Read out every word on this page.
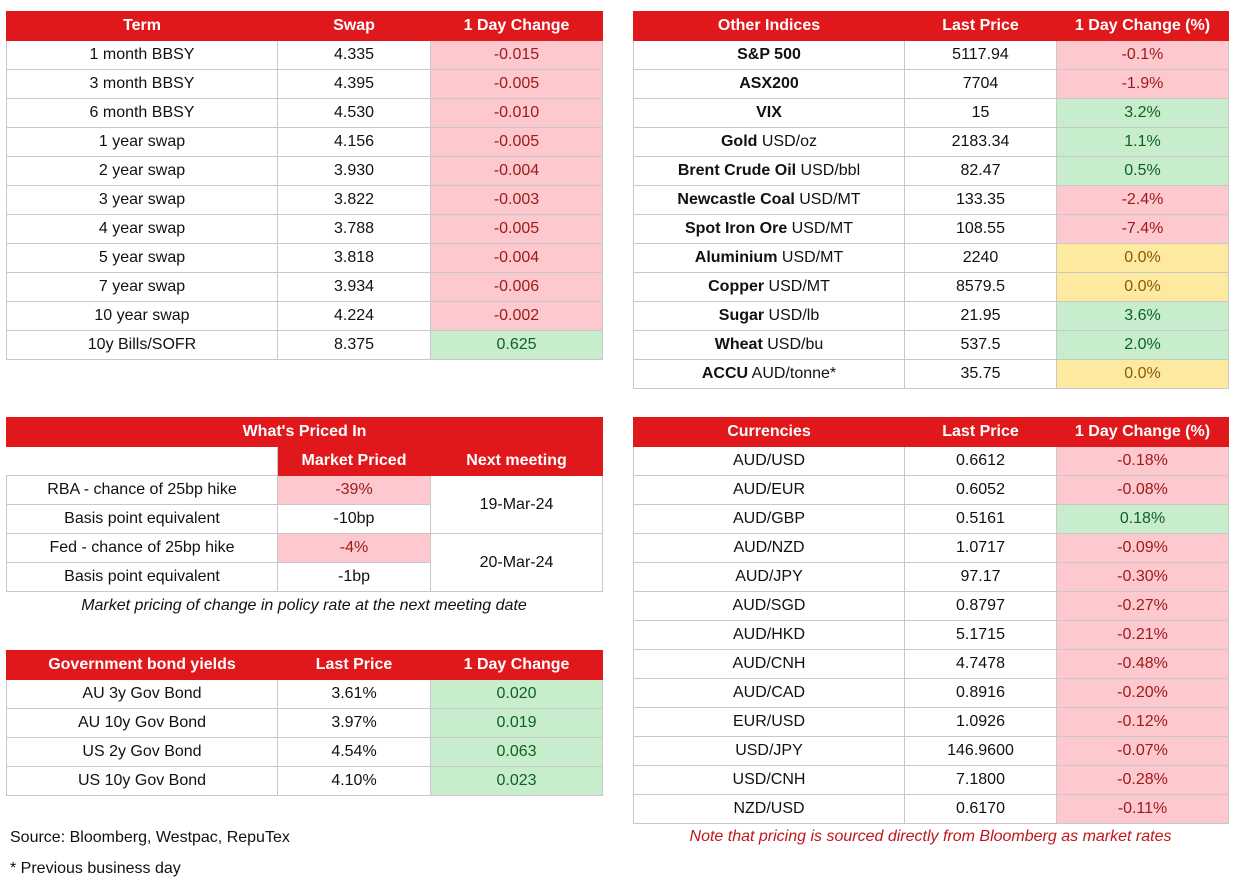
Term	Swap	1 Day Change
1 month BBSY	4.335	-0.015
3 month BBSY	4.395	-0.005
6 month BBSY	4.530	-0.010
1 year swap	4.156	-0.005
2 year swap	3.930	-0.004
3 year swap	3.822	-0.003
4 year swap	3.788	-0.005
5 year swap	3.818	-0.004
7 year swap	3.934	-0.006
10 year swap	4.224	-0.002
10y Bills/SOFR	8.375	0.625
Other Indices	Last Price	1 Day Change (%)
S&P 500	5117.94	-0.1%
ASX200	7704	-1.9%
VIX	15	3.2%
Gold USD/oz	2183.34	1.1%
Brent Crude Oil USD/bbl	82.47	0.5%
Newcastle Coal USD/MT	133.35	-2.4%
Spot Iron Ore USD/MT	108.55	-7.4%
Aluminium USD/MT	2240	0.0%
Copper USD/MT	8579.5	0.0%
Sugar USD/lb	21.95	3.6%
Wheat USD/bu	537.5	2.0%
ACCU AUD/tonne*	35.75	0.0%
What's Priced In		
	Market Priced	Next meeting
RBA - chance of 25bp hike	-39%	19-Mar-24
Basis point equivalent	-10bp	
Fed - chance of 25bp hike	-4%	20-Mar-24
Basis point equivalent	-1bp	
Market pricing of change in policy rate at the next meeting date
Government bond yields	Last Price	1 Day Change
AU 3y Gov Bond	3.61%	0.020
AU 10y Gov Bond	3.97%	0.019
US 2y Gov Bond	4.54%	0.063
US 10y Gov Bond	4.10%	0.023
Currencies	Last Price	1 Day Change (%)
AUD/USD	0.6612	-0.18%
AUD/EUR	0.6052	-0.08%
AUD/GBP	0.5161	0.18%
AUD/NZD	1.0717	-0.09%
AUD/JPY	97.17	-0.30%
AUD/SGD	0.8797	-0.27%
AUD/HKD	5.1715	-0.21%
AUD/CNH	4.7478	-0.48%
AUD/CAD	0.8916	-0.20%
EUR/USD	1.0926	-0.12%
USD/JPY	146.9600	-0.07%
USD/CNH	7.1800	-0.28%
NZD/USD	0.6170	-0.11%
Note that pricing is sourced directly from Bloomberg as market rates
Source: Bloomberg, Westpac, RepuTex
* Previous business day
